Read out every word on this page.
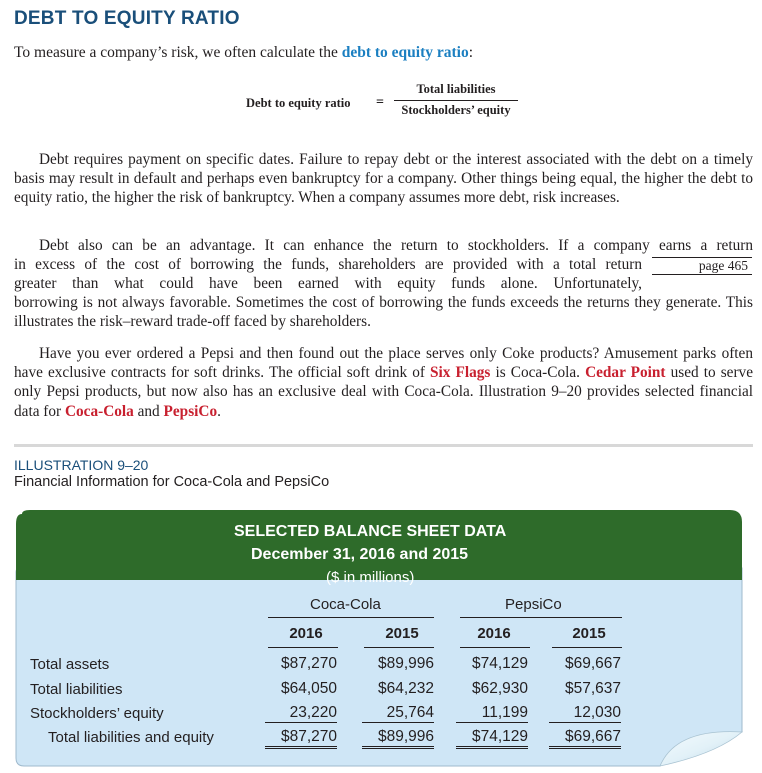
DEBT TO EQUITY RATIO
To measure a company’s risk, we often calculate the debt to equity ratio:
Debt to equity ratio =
Total liabilities
Stockholders’ equity

Debt requires payment on specific dates. Failure to repay debt or the interest associated with the debt on a timely basis may result in default and perhaps even bankruptcy for a company. Other things being equal, the higher the debt to equity ratio, the higher the risk of bankruptcy. When a company assumes more debt, risk increases.

Debt also can be an advantage. It can enhance the return to stockholders. If a company earns a return
in excess of the cost of borrowing the funds, shareholders are provided with a total return	page 465
greater than what could have been earned with equity funds alone. Unfortunately,
borrowing is not always favorable. Sometimes the cost of borrowing the funds exceeds the returns they generate. This illustrates the risk–reward trade-off faced by shareholders.

Have you ever ordered a Pepsi and then found out the place serves only Coke products? Amusement parks often have exclusive contracts for soft drinks. The official soft drink of Six Flags is Coca-Cola. Cedar Point used to serve only Pepsi products, but now also has an exclusive deal with Coca-Cola. Illustration 9–20 provides selected financial data for Coca-Cola and PepsiCo.

ILLUSTRATION 9–20
Financial Information for Coca-Cola and PepsiCo
SELECTED BALANCE SHEET DATA
December 31, 2016 and 2015
($ in millions)
Coca-Cola	PepsiCo
2016	2015	2016	2015
Total assets	$87,270	$89,996	$74,129	$69,667
Total liabilities	$64,050	$64,232	$62,930	$57,637
Stockholders’ equity	23,220	25,764	11,199	12,030
Total liabilities and equity	$87,270	$89,996	$74,129	$69,667
